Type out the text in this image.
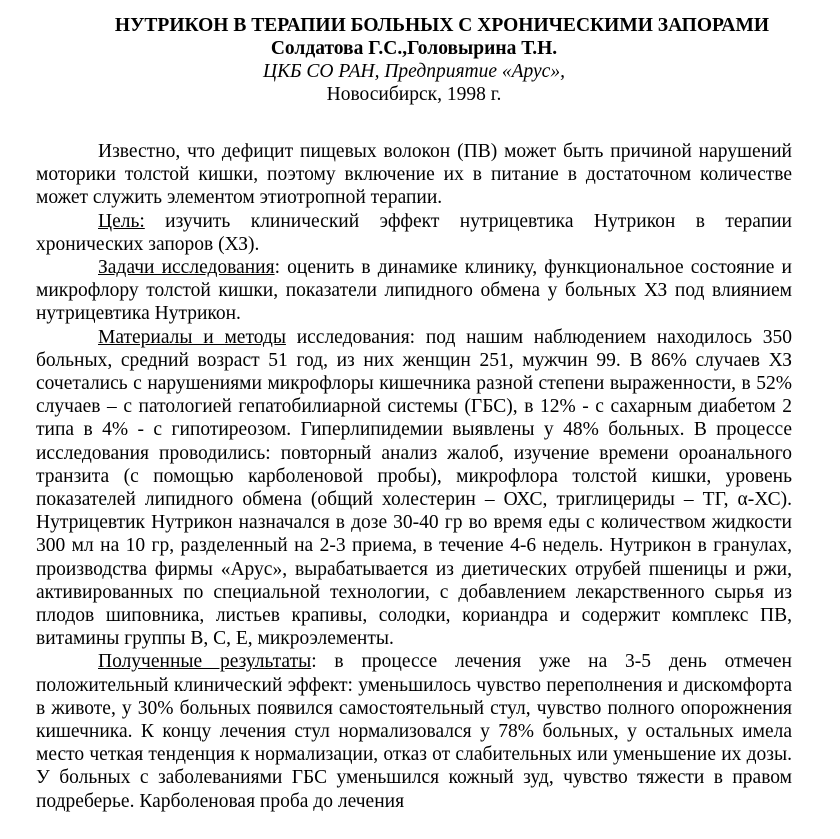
НУТРИКОН В ТЕРАПИИ БОЛЬНЫХ С ХРОНИЧЕСКИМИ ЗАПОРАМИ
Солдатова Г.С.,Головырина Т.Н.
ЦКБ СО РАН, Предприятие «Арус»,
Новосибирск, 1998 г.

Известно, что дефицит пищевых волокон (ПВ) может быть причиной нарушений моторики толстой кишки, поэтому включение их в питание в достаточном количестве может служить элементом этиотропной терапии.

Цель: изучить клинический эффект нутрицевтика Нутрикон в терапии хронических запоров (ХЗ).

Задачи исследования: оценить в динамике клинику, функциональное состояние и микрофлору толстой кишки, показатели липидного обмена у больных ХЗ под влиянием нутрицевтика Нутрикон.

Материалы и методы исследования: под нашим наблюдением находилось 350 больных, средний возраст 51 год, из них женщин 251, мужчин 99. В 86% случаев ХЗ сочетались с нарушениями микрофлоры кишечника разной степени выраженности, в 52% случаев – с патологией гепатобилиарной системы (ГБС), в 12% - с сахарным диабетом 2 типа в 4% - с гипотиреозом. Гиперлипидемии выявлены у 48% больных. В процессе исследования проводились: повторный анализ жалоб, изучение времени ороанального транзита (с помощью карболеновой пробы), микрофлора толстой кишки, уровень показателей липидного обмена (общий холестерин – ОХС, триглицериды – ТГ, α-ХС). Нутрицевтик Нутрикон назначался в дозе 30-40 гр во время еды с количеством жидкости 300 мл на 10 гр, разделенный на 2-3 приема, в течение 4-6 недель. Нутрикон в гранулах, производства фирмы «Арус», вырабатывается из диетических отрубей пшеницы и ржи, активированных по специальной технологии, с добавлением лекарственного сырья из плодов шиповника, листьев крапивы, солодки, кориандра и содержит комплекс ПВ, витамины группы В, С, Е, микроэлементы.

Полученные результаты: в процессе лечения уже на 3-5 день отмечен положительный клинический эффект: уменьшилось чувство переполнения и дискомфорта в животе, у 30% больных появился самостоятельный стул, чувство полного опорожнения кишечника. К концу лечения стул нормализовался у 78% больных, у остальных имела место четкая тенденция к нормализации, отказ от слабительных или уменьшение их дозы. У больных с заболеваниями ГБС уменьшился кожный зуд, чувство тяжести в правом подреберье. Карболеновая проба до лечения
